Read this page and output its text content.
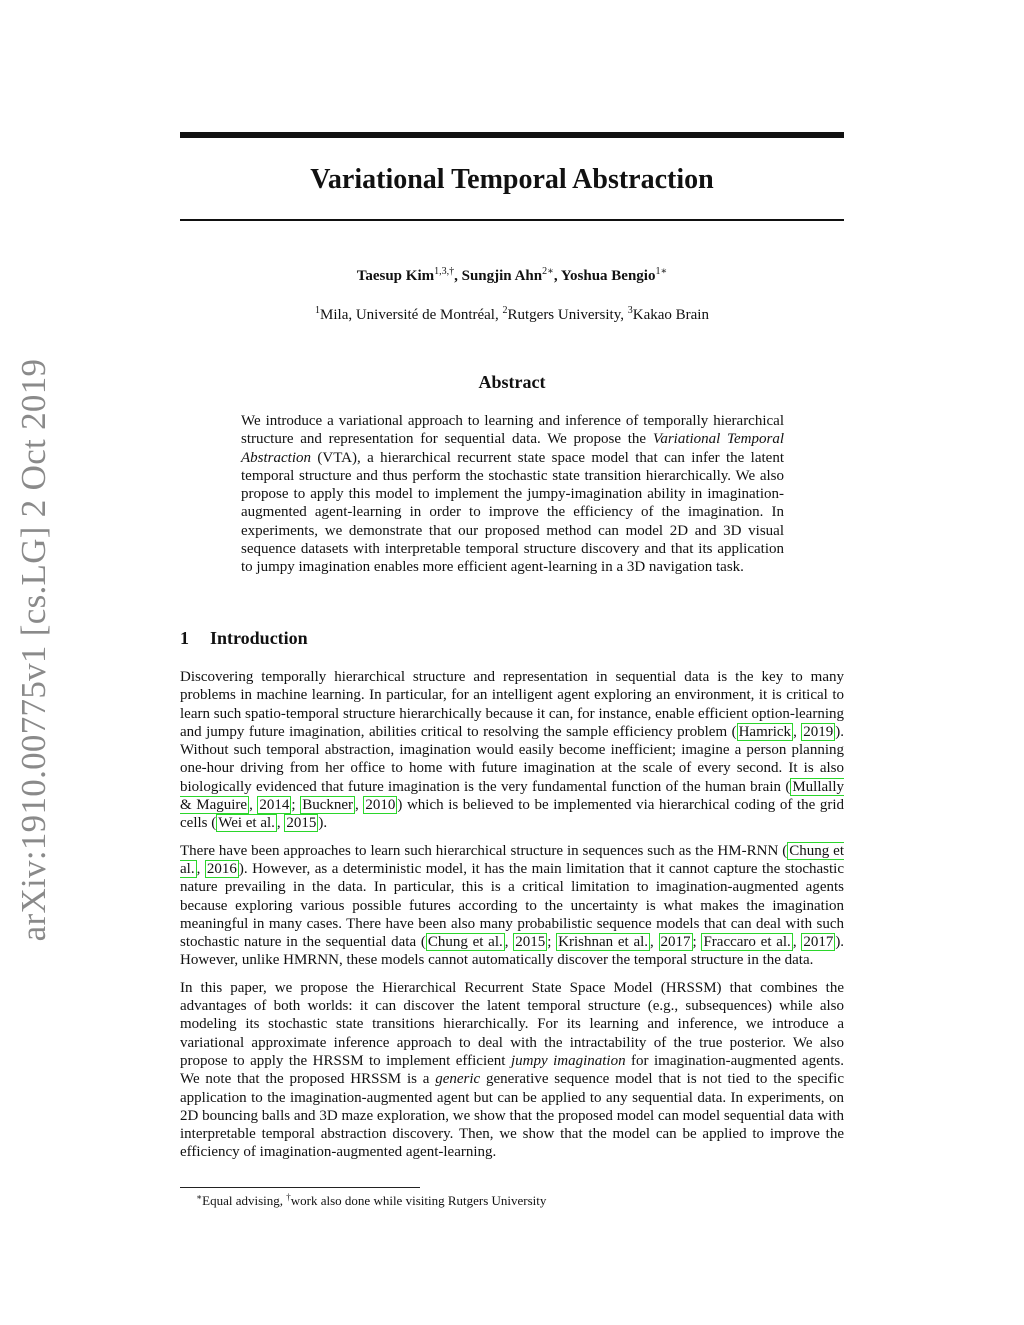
arXiv:1910.00775v1 [cs.LG] 2 Oct 2019
Variational Temporal Abstraction
Taesup Kim$^{1,3,\dagger}$, Sungjin Ahn$^{2∗}$, Yoshua Bengio$^{1∗}$
$^1$Mila, Université de Montréal, $^2$Rutgers University, $^3$Kakao Brain
Abstract
We introduce a variational approach to learning and inference of temporally hierarchical structure and representation for sequential data. We propose the Variational Temporal Abstraction (VTA), a hierarchical recurrent state space model that can infer the latent temporal structure and thus perform the stochastic state transition hierarchically. We also propose to apply this model to implement the jumpy-imagination ability in imagination-augmented agent-learning in order to improve the efficiency of the imagination. In experiments, we demonstrate that our proposed method can model 2D and 3D visual sequence datasets with interpretable temporal structure discovery and that its application to jumpy imagination enables more efficient agent-learning in a 3D navigation task.
1 Introduction

Discovering temporally hierarchical structure and representation in sequential data is the key to many problems in machine learning. In particular, for an intelligent agent exploring an environment, it is critical to learn such spatio-temporal structure hierarchically because it can, for instance, enable efficient option-learning and jumpy future imagination, abilities critical to resolving the sample efficiency problem ( Hamrick , 2019 ). Without such temporal abstraction, imagination would easily become inefficient; imagine a person planning one-hour driving from her office to home with future imagination at the scale of every second. It is also biologically evidenced that future imagination is the very fundamental function of the human brain ( Mullally & Maguire , 2014 ; Buckner , 2010 ) which is believed to be implemented via hierarchical coding of the grid cells ( Wei et al. , 2015 ).

There have been approaches to learn such hierarchical structure in sequences such as the HM-RNN ( Chung et al. , 2016 ). However, as a deterministic model, it has the main limitation that it cannot capture the stochastic nature prevailing in the data. In particular, this is a critical limitation to imagination-augmented agents because exploring various possible futures according to the uncertainty is what makes the imagination meaningful in many cases. There have been also many probabilistic sequence models that can deal with such stochastic nature in the sequential data ( Chung et al. , 2015 ; Krishnan et al. , 2017 ; Fraccaro et al. , 2017 ). However, unlike HMRNN, these models cannot automatically discover the temporal structure in the data.

In this paper, we propose the Hierarchical Recurrent State Space Model (HRSSM) that combines the advantages of both worlds: it can discover the latent temporal structure (e.g., subsequences) while also modeling its stochastic state transitions hierarchically. For its learning and inference, we introduce a variational approximate inference approach to deal with the intractability of the true posterior. We also propose to apply the HRSSM to implement efficient jumpy imagination for imagination-augmented agents. We note that the proposed HRSSM is a generic generative sequence model that is not tied to the specific application to the imagination-augmented agent but can be applied to any sequential data. In experiments, on 2D bouncing balls and 3D maze exploration, we show that the proposed model can model sequential data with interpretable temporal abstraction discovery. Then, we show that the model can be applied to improve the efficiency of imagination-augmented agent-learning.

∗Equal advising, †work also done while visiting Rutgers University
